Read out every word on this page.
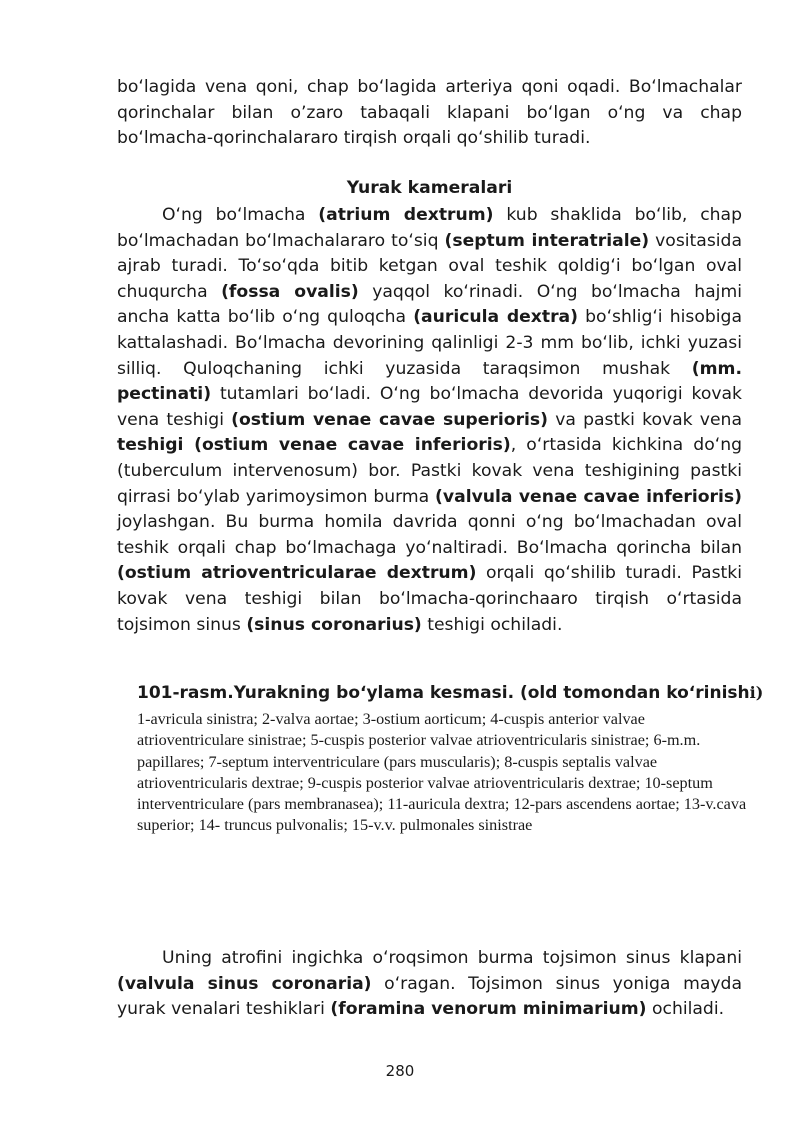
boʻlagida vena qoni, chap boʻlagida arteriya qoni oqadi. Boʻlmachalar qorinchalar bilan oʼzaro tabaqali klapani boʻlgan oʻng va chap boʻlmacha-qorinchalararo tirqish orqali qoʻshilib turadi.

Yurak kameralari

Oʻng boʻlmacha (atrium dextrum) kub shaklida boʻlib, chap boʻlmachadan boʻlmachalararo toʻsiq (septum interatriale) vositasida ajrab turadi. Toʻsoʻqda bitib ketgan oval teshik qoldigʻi boʻlgan oval chuqurcha (fossa ovalis) yaqqol koʻrinadi. Oʻng boʻlmacha hajmi ancha katta boʻlib oʻng quloqcha (auricula dextra) boʻshligʻi hisobiga kattalashadi. Boʻlmacha devorining qalinligi 2-3 mm boʻlib, ichki yuzasi silliq. Quloqchaning ichki yuzasida taraqsimon mushak (mm. pectinati) tutamlari boʻladi. Oʻng boʻlmacha devorida yuqorigi kovak vena teshigi (ostium venae cavae superioris) va pastki kovak vena teshigi (ostium venae cavae inferioris), oʻrtasida kichkina doʻng (tuberculum intervenosum) bor. Pastki kovak vena teshigining pastki qirrasi boʻylab yarimoysimon burma (valvula venae cavae inferioris) joylashgan. Bu burma homila davrida qonni oʻng boʻlmachadan oval teshik orqali chap boʻlmachaga yoʻnaltiradi. Boʻlmacha qorincha bilan (ostium atrioventricularae dextrum) orqali qoʻshilib turadi. Pastki kovak vena teshigi bilan boʻlmacha-qorinchaaro tirqish oʻrtasida tojsimon sinus (sinus coronarius) teshigi ochiladi.

101-rasm.Yurakning boʻylama kesmasi. (old tomondan koʻrinishi)

1-avricula sinistra; 2-valva aortae; 3-ostium aorticum; 4-cuspis anterior valvae atrioventriculare sinistrae; 5-cuspis posterior valvae atrioventricularis sinistrae; 6-m.m. papillares; 7-septum interventriculare (pars muscularis); 8-cuspis septalis valvae atrioventricularis dextrae; 9-cuspis posterior valvae atrioventricularis dextrae; 10-septum interventriculare (pars membranasea); 11-auricula dextra; 12-pars ascendens aortae; 13-v.cava superior; 14- truncus pulvonalis; 15-v.v. pulmonales sinistrae

Uning atrofini ingichka oʻroqsimon burma tojsimon sinus klapani (valvula sinus coronaria) oʻragan. Tojsimon sinus yoniga mayda yurak venalari teshiklari (foramina venorum minimarium) ochiladi.

280
